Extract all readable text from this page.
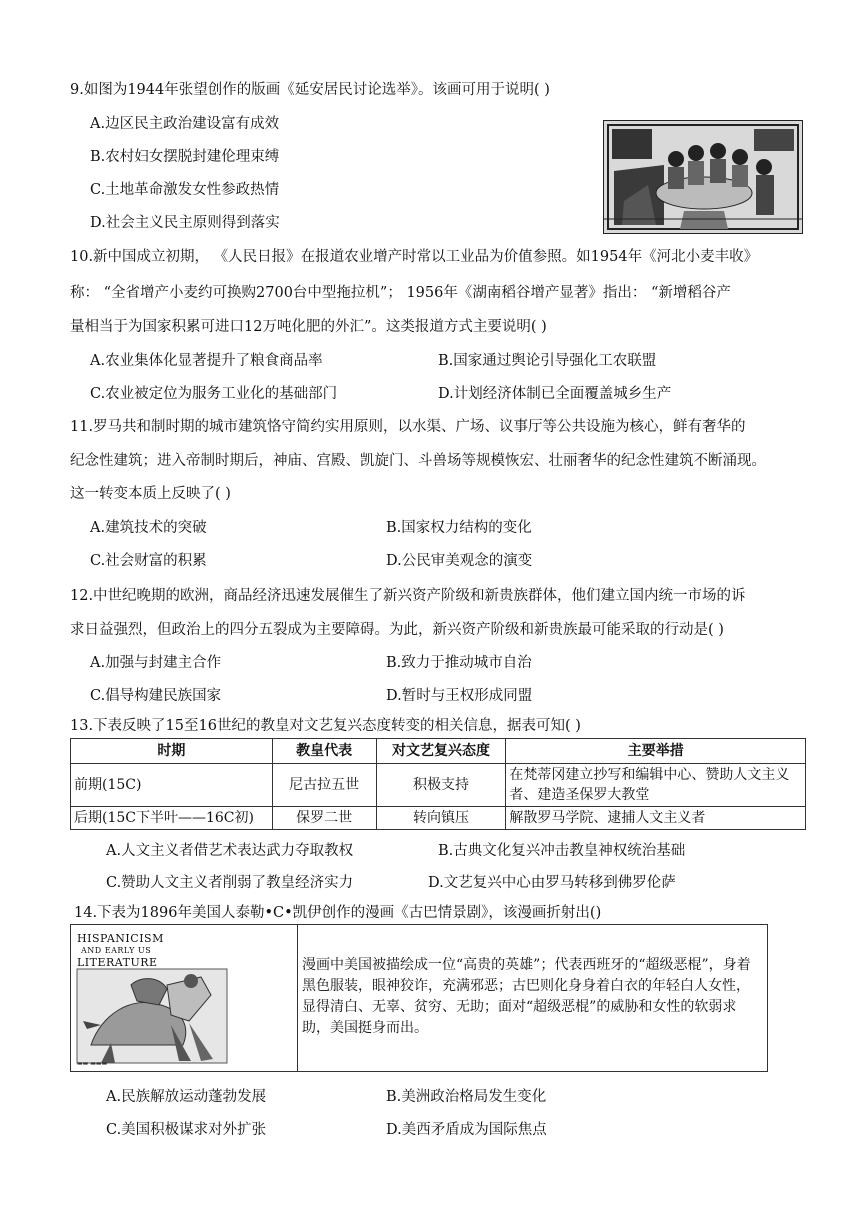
9.如图为1944年张望创作的版画《延安居民讨论选举》。该画可用于说明( )
A.边区民主政治建设富有成效
B.农村妇女摆脱封建伦理束缚
C.土地革命激发女性参政热情
D.社会主义民主原则得到落实
10.新中国成立初期， 《人民日报》在报道农业增产时常以工业品为价值参照。如1954年《河北小麦丰收》
称： “全省增产小麦约可换购2700台中型拖拉机”； 1956年《湖南稻谷增产显著》指出： “新增稻谷产
量相当于为国家积累可进口12万吨化肥的外汇”。这类报道方式主要说明( )
A.农业集体化显著提升了粮食商品率	B.国家通过舆论引导强化工农联盟
C.农业被定位为服务工业化的基础部门	D.计划经济体制已全面覆盖城乡生产
11.罗马共和制时期的城市建筑恪守简约实用原则，以水渠、广场、议事厅等公共设施为核心，鲜有奢华的
纪念性建筑；进入帝制时期后，神庙、宫殿、凯旋门、斗兽场等规模恢宏、壮丽奢华的纪念性建筑不断涌现。
这一转变本质上反映了( )
A.建筑技术的突破	B.国家权力结构的变化
C.社会财富的积累	D.公民审美观念的演变
12.中世纪晚期的欧洲，商品经济迅速发展催生了新兴资产阶级和新贵族群体，他们建立国内统一市场的诉
求日益强烈，但政治上的四分五裂成为主要障碍。为此，新兴资产阶级和新贵族最可能采取的行动是( )
A.加强与封建主合作	B.致力于推动城市自治
C.倡导构建民族国家	D.暂时与王权形成同盟
13.下表反映了15至16世纪的教皇对文艺复兴态度转变的相关信息，据表可知( )
时期	教皇代表	对文艺复兴态度	主要举措
前期(15C)	尼古拉五世	积极支持	在梵蒂冈建立抄写和编辑中心、赞助人文主义者、建造圣保罗大教堂
后期(15C下半叶——16C初)	保罗二世	转向镇压	解散罗马学院、逮捕人文主义者
A.人文主义者借艺术表达武力夺取教权	B.古典文化复兴冲击教皇神权统治基础
C.赞助人文主义者削弱了教皇经济实力	D.文艺复兴中心由罗马转移到佛罗伦萨
14.下表为1896年美国人泰勒•C•凯伊创作的漫画《古巴情景剧》，该漫画折射出()
HISPANICISM
AND EARLY US
LITERATURE
▬▬ ▬▬▬
漫画中美国被描绘成一位“高贵的英雄”；代表西班牙的“超级恶棍”，身着黑色服装，眼神狡诈，充满邪恶；古巴则化身身着白衣的年轻白人女性，显得清白、无辜、贫穷、无助；面对“超级恶棍”的威胁和女性的软弱求助，美国挺身而出。
A.民族解放运动蓬勃发展	B.美洲政治格局发生变化
C.美国积极谋求对外扩张	D.美西矛盾成为国际焦点
